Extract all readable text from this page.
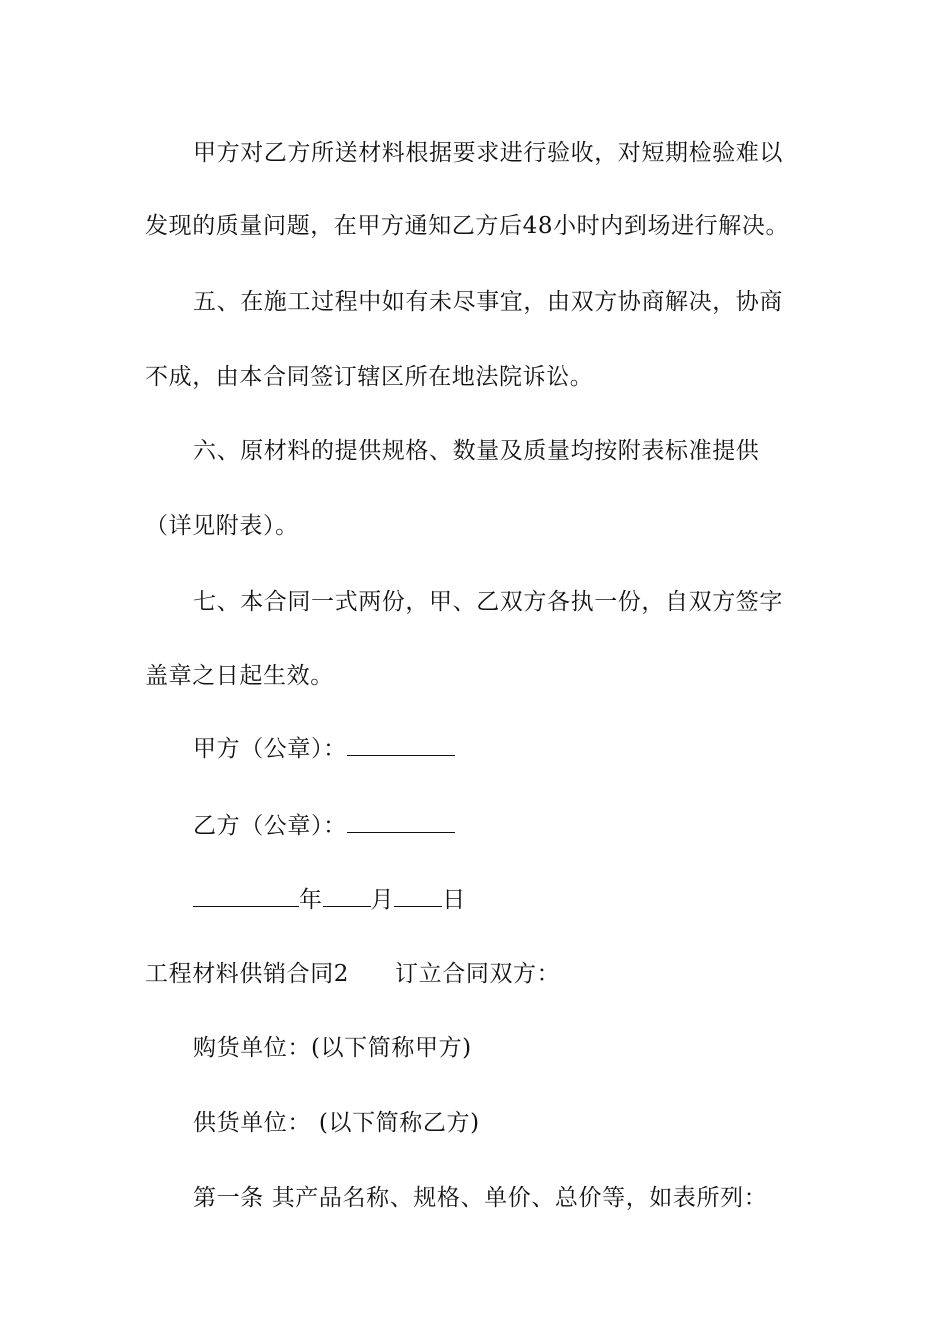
甲方对乙方所送材料根据要求进行验收，对短期检验难以
发现的质量问题，在甲方通知乙方后48小时内到场进行解决。
五、在施工过程中如有未尽事宜，由双方协商解决，协商
不成，由本合同签订辖区所在地法院诉讼。
六、原材料的提供规格、数量及质量均按附表标准提供
（详见附表）。
七、本合同一式两份，甲、乙双方各执一份，自双方签字
盖章之日起生效。
甲方（公章）：
乙方（公章）：
年 月 日
工程材料供销合同2 订立合同双方：
购货单位：(以下简称甲方)
供货单位： (以下简称乙方)
第一条 其产品名称、规格、单价、总价等，如表所列：
